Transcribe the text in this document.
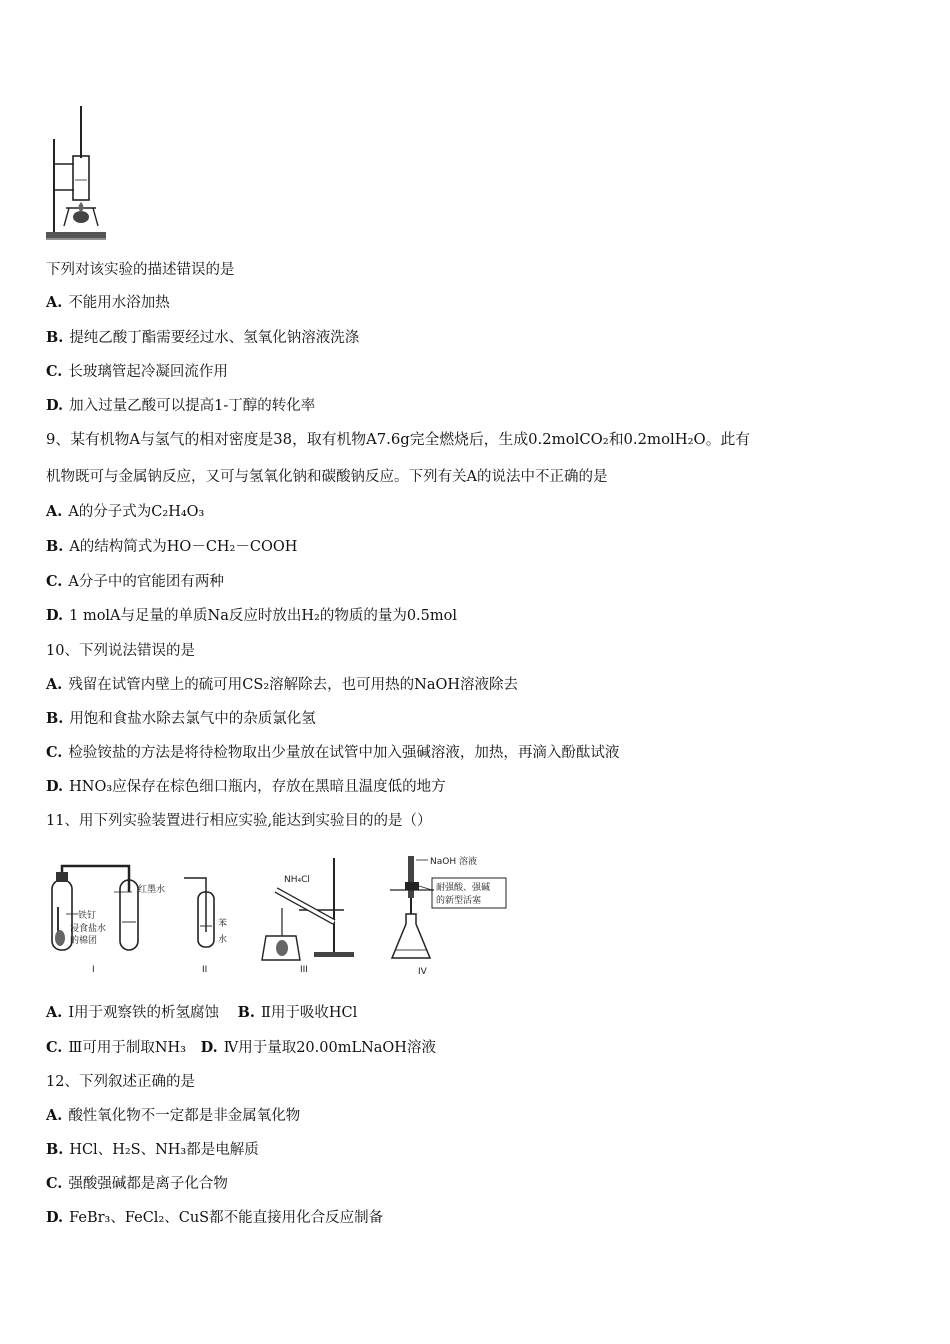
下列对该实验的描述错误的是
A. 不能用水浴加热
B. 提纯乙酸丁酯需要经过水、氢氧化钠溶液洗涤
C. 长玻璃管起冷凝回流作用
D. 加入过量乙酸可以提高1-丁醇的转化率
9、某有机物A与氢气的相对密度是38，取有机物A7.6g完全燃烧后，生成0.2molCO₂和0.2molH₂O。此有
机物既可与金属钠反应，又可与氢氧化钠和碳酸钠反应。下列有关A的说法中不正确的是
A. A的分子式为C₂H₄O₃
B. A的结构简式为HO－CH₂－COOH
C. A分子中的官能团有两种
D. 1 molA与足量的单质Na反应时放出H₂的物质的量为0.5mol
10、下列说法错误的是
A. 残留在试管内壁上的硫可用CS₂溶解除去，也可用热的NaOH溶液除去
B. 用饱和食盐水除去氯气中的杂质氯化氢
C. 检验铵盐的方法是将待检物取出少量放在试管中加入强碱溶液，加热，再滴入酚酞试液
D. HNO₃应保存在棕色细口瓶内，存放在黑暗且温度低的地方
11、用下列实验装置进行相应实验,能达到实验目的的是（）
铁钉
浸食盐水
的棉团
红墨水
I
苯
水
II
NH₄Cl
III
NaOH 溶液
耐强酸、强碱
的新型活塞
IV
A. Ⅰ用于观察铁的析氢腐蚀 B. Ⅱ用于吸收HCl
C. Ⅲ可用于制取NH₃ D. Ⅳ用于量取20.00mLNaOH溶液
12、下列叙述正确的是
A. 酸性氧化物不一定都是非金属氧化物
B. HCl、H₂S、NH₃都是电解质
C. 强酸强碱都是离子化合物
D. FeBr₃、FeCl₂、CuS都不能直接用化合反应制备
